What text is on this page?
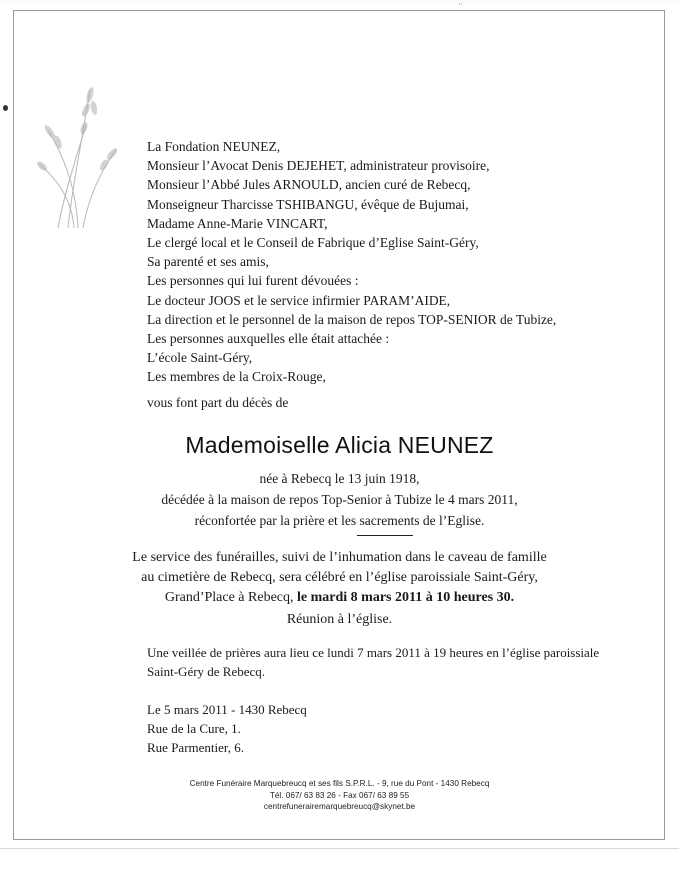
·ᐧ
La Fondation NEUNEZ,
Monsieur l’Avocat Denis DEJEHET, administrateur provisoire,
Monsieur l’Abbé Jules ARNOULD, ancien curé de Rebecq,
Monseigneur Tharcisse TSHIBANGU, évêque de Bujumai,
Madame Anne-Marie VINCART,
Le clergé local et le Conseil de Fabrique d’Eglise Saint-Géry,
Sa parenté et ses amis,
Les personnes qui lui furent dévouées :
Le docteur JOOS et le service infirmier PARAM’AIDE,
La direction et le personnel de la maison de repos TOP-SENIOR de Tubize,
Les personnes auxquelles elle était attachée :
L’école Saint-Géry,
Les membres de la Croix-Rouge,
vous font part du décès de
Mademoiselle Alicia NEUNEZ
née à Rebecq le 13 juin 1918,
décédée à la maison de repos Top-Senior à Tubize le 4 mars 2011,
réconfortée par la prière et les sacrements de l’Eglise.
Le service des funérailles, suivi de l’inhumation dans le caveau de famille
au cimetière de Rebecq, sera célébré en l’église paroissiale Saint-Géry,
Grand’Place à Rebecq, le mardi 8 mars 2011 à 10 heures 30.
Réunion à l’église.
Une veillée de prières aura lieu ce lundi 7 mars 2011 à 19 heures en l’église paroissiale Saint-Géry de Rebecq.
Le 5 mars 2011 - 1430 Rebecq
Rue de la Cure, 1.
Rue Parmentier, 6.
Centre Funéraire Marquebreucq et ses fils S.P.R.L. - 9, rue du Pont - 1430 Rebecq
Tél. 067/ 63 83 26 - Fax 067/ 63 89 55
centrefunerairemarquebreucq@skynet.be
